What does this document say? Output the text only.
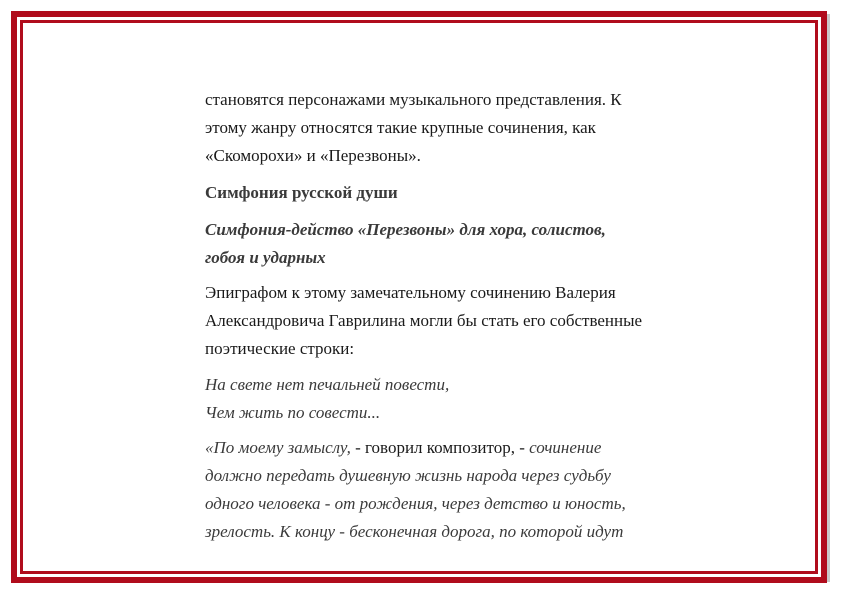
становятся персонажами музыкального представления. К
этому жанру относятся такие крупные сочинения, как
«Скоморохи» и «Перезвоны».

Симфония русской души

Симфония-действо «Перезвоны» для хора, солистов,
гобоя и ударных

Эпиграфом к этому замечательному сочинению Валерия
Александровича Гаврилина могли бы стать его собственные
поэтические строки:

На свете нет печальней повести,
Чем жить по совести...

«По моему замыслу, - говорил композитор, - сочинение
должно передать душевную жизнь народа через судьбу
одного человека - от рождения, через детство и юность,
зрелость. К концу - бесконечная дорога, по которой идут
